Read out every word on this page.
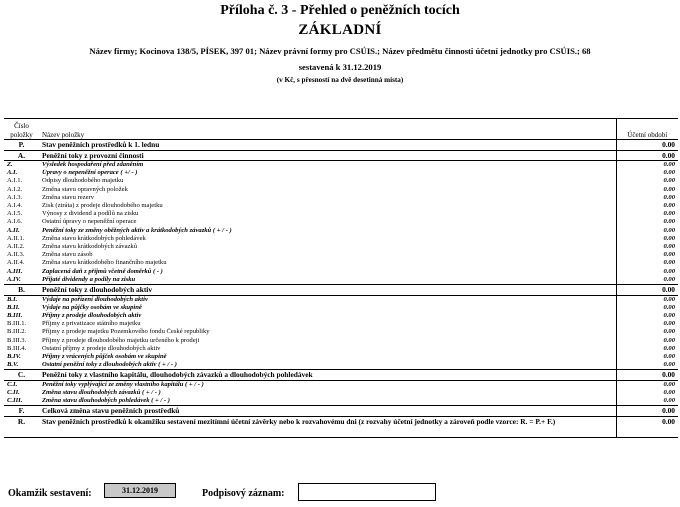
Příloha č. 3 - Přehled o peněžních tocích
ZÁKLADNÍ
Název firmy; Kocinova 138/5, PÍSEK, 397 01; Název právní formy pro CSÚIS.; Název předmětu činnosti účetní jednotky pro CSÚIS.; 68
sestavená k 31.12.2019
(v Kč, s přesností na dvě desetinná místa)
Číslo položky	Název položky	Účetní období
P.	Stav peněžních prostředků k 1. lednu	0.00
A.	Peněžní toky z provozní činnosti	0.00
Z.	Výsledek hospodaření před zdaněním	0.00
A.I.	Úpravy o nepeněžní operace ( +/ - )	0.00
A.I.1.	Odpisy dlouhodobého majetku	0.00
A.I.2.	Změna stavu opravných položek	0.00
A.I.3.	Změna stavu rezerv	0.00
A.I.4.	Zisk (ztráta) z prodeje dlouhodobého majetku	0.00
A.I.5.	Výnosy z dividend a podílů na zisku	0.00
A.I.6.	Ostatní úpravy o nepeněžní operace	0.00
A.II.	Peněžní toky ze změny oběžných aktiv a krátkodobých závazků ( + / - )	0.00
A.II.1.	Změna stavu krátkodobých pohledávek	0.00
A.II.2.	Změna stavu krátkodobých závazků	0.00
A.II.3.	Změna stavu zásob	0.00
A.II.4.	Změna stavu krátkodobého finančního majetku	0.00
A.III.	Zaplacená daň z příjmů včetně doměrků ( - )	0.00
A.IV.	Přijaté dividendy a podíly na zisku	0.00
B.	Peněžní toky z dlouhodobých aktiv	0.00
B.I.	Výdaje na pořízení dlouhodobých aktiv	0.00
B.II.	Výdaje na půjčky osobám ve skupině	0.00
B.III.	Příjmy z prodeje dlouhodobých aktiv	0.00
B.III.1.	Příjmy z privatizace státního majetku	0.00
B.III.2.	Příjmy z prodeje majetku Pozemkového fondu České republiky	0.00
B.III.3.	Příjmy z prodeje dlouhodobého majetku určeného k prodeji	0.00
B.III.4.	Ostatní příjmy z prodeje dlouhodobých aktiv	0.00
B.IV.	Příjmy z vrácených půjček osobám ve skupině	0.00
B.V.	Ostatní peněžní toky z dlouhodobých aktiv ( + / - )	0.00
C.	Peněžní toky z vlastního kapitálu, dlouhodobých závazků a dlouhodobých pohledávek	0.00
C.I.	Peněžní toky vyplývající ze změny vlastního kapitálu ( + / - )	0.00
C.II.	Změna stavu dlouhodobých závazků ( + / - )	0.00
C.III.	Změna stavu dlouhodobých pohledávek ( + / - )	0.00
F.	Celková změna stavu peněžních prostředků	0.00
R.	Stav peněžních prostředků k okamžiku sestavení mezitímní účetní závěrky nebo k rozvahovému dni (z rozvahy účetní jednotky a zároveň podle vzorce: R. = P.+ F.)	0.00
Okamžik sestavení:	31.12.2019	Podpisový záznam:
